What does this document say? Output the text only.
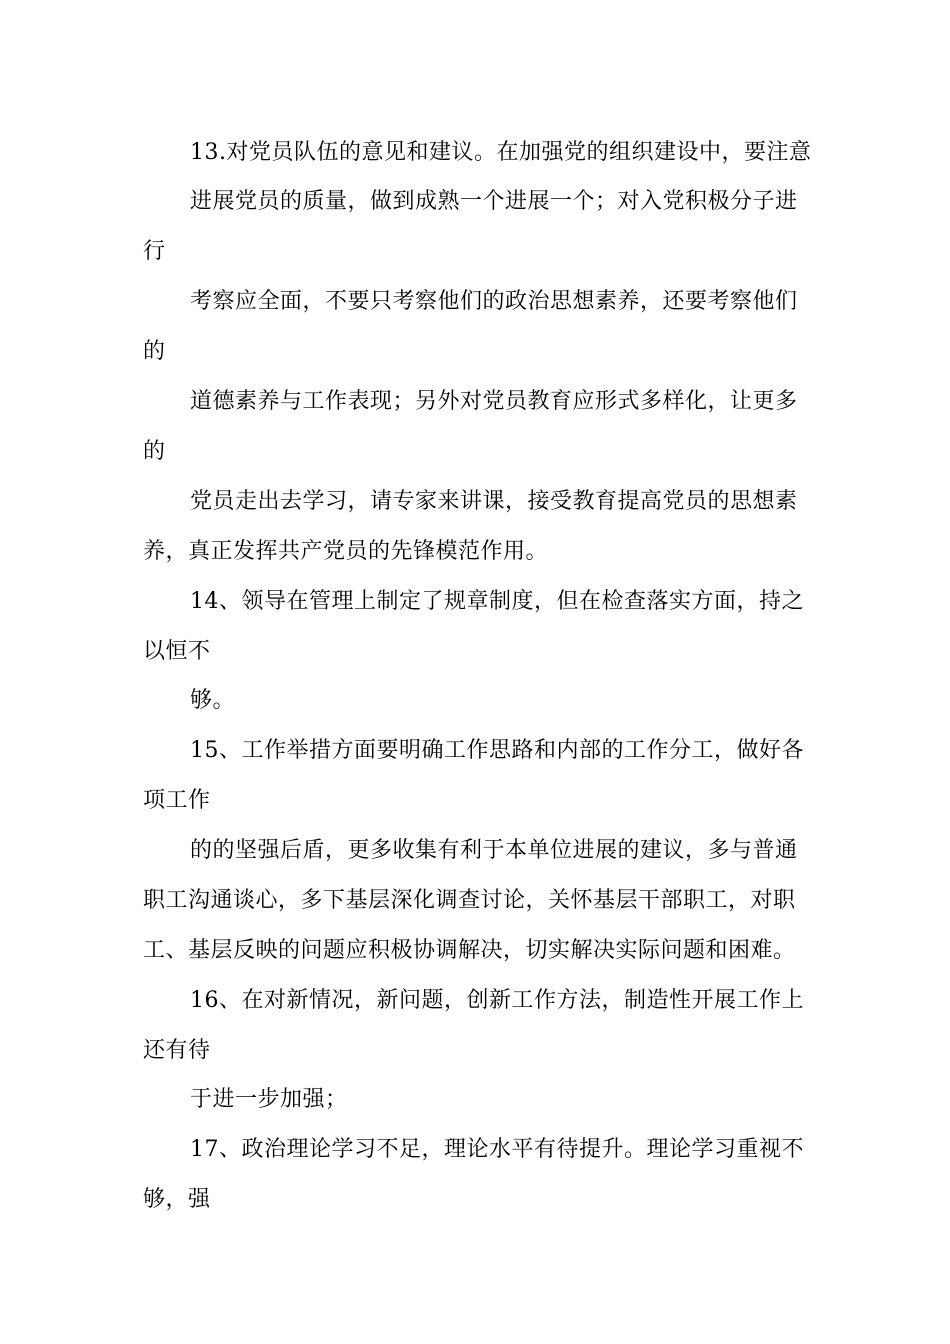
13.对党员队伍的意见和建议。在加强党的组织建设中，要注意
进展党员的质量，做到成熟一个进展一个；对入党积极分子进
行
考察应全面，不要只考察他们的政治思想素养，还要考察他们
的
道德素养与工作表现；另外对党员教育应形式多样化，让更多
的
党员走出去学习，请专家来讲课，接受教育提高党员的思想素
养，真正发挥共产党员的先锋模范作用。
14、领导在管理上制定了规章制度，但在检查落实方面，持之
以恒不
够。
15、工作举措方面要明确工作思路和内部的工作分工，做好各
项工作
的的坚强后盾，更多收集有利于本单位进展的建议，多与普通
职工沟通谈心，多下基层深化调查讨论，关怀基层干部职工，对职
工、基层反映的问题应积极协调解决，切实解决实际问题和困难。
16、在对新情况，新问题，创新工作方法，制造性开展工作上
还有待
于进一步加强；
17、政治理论学习不足，理论水平有待提升。理论学习重视不
够，强
